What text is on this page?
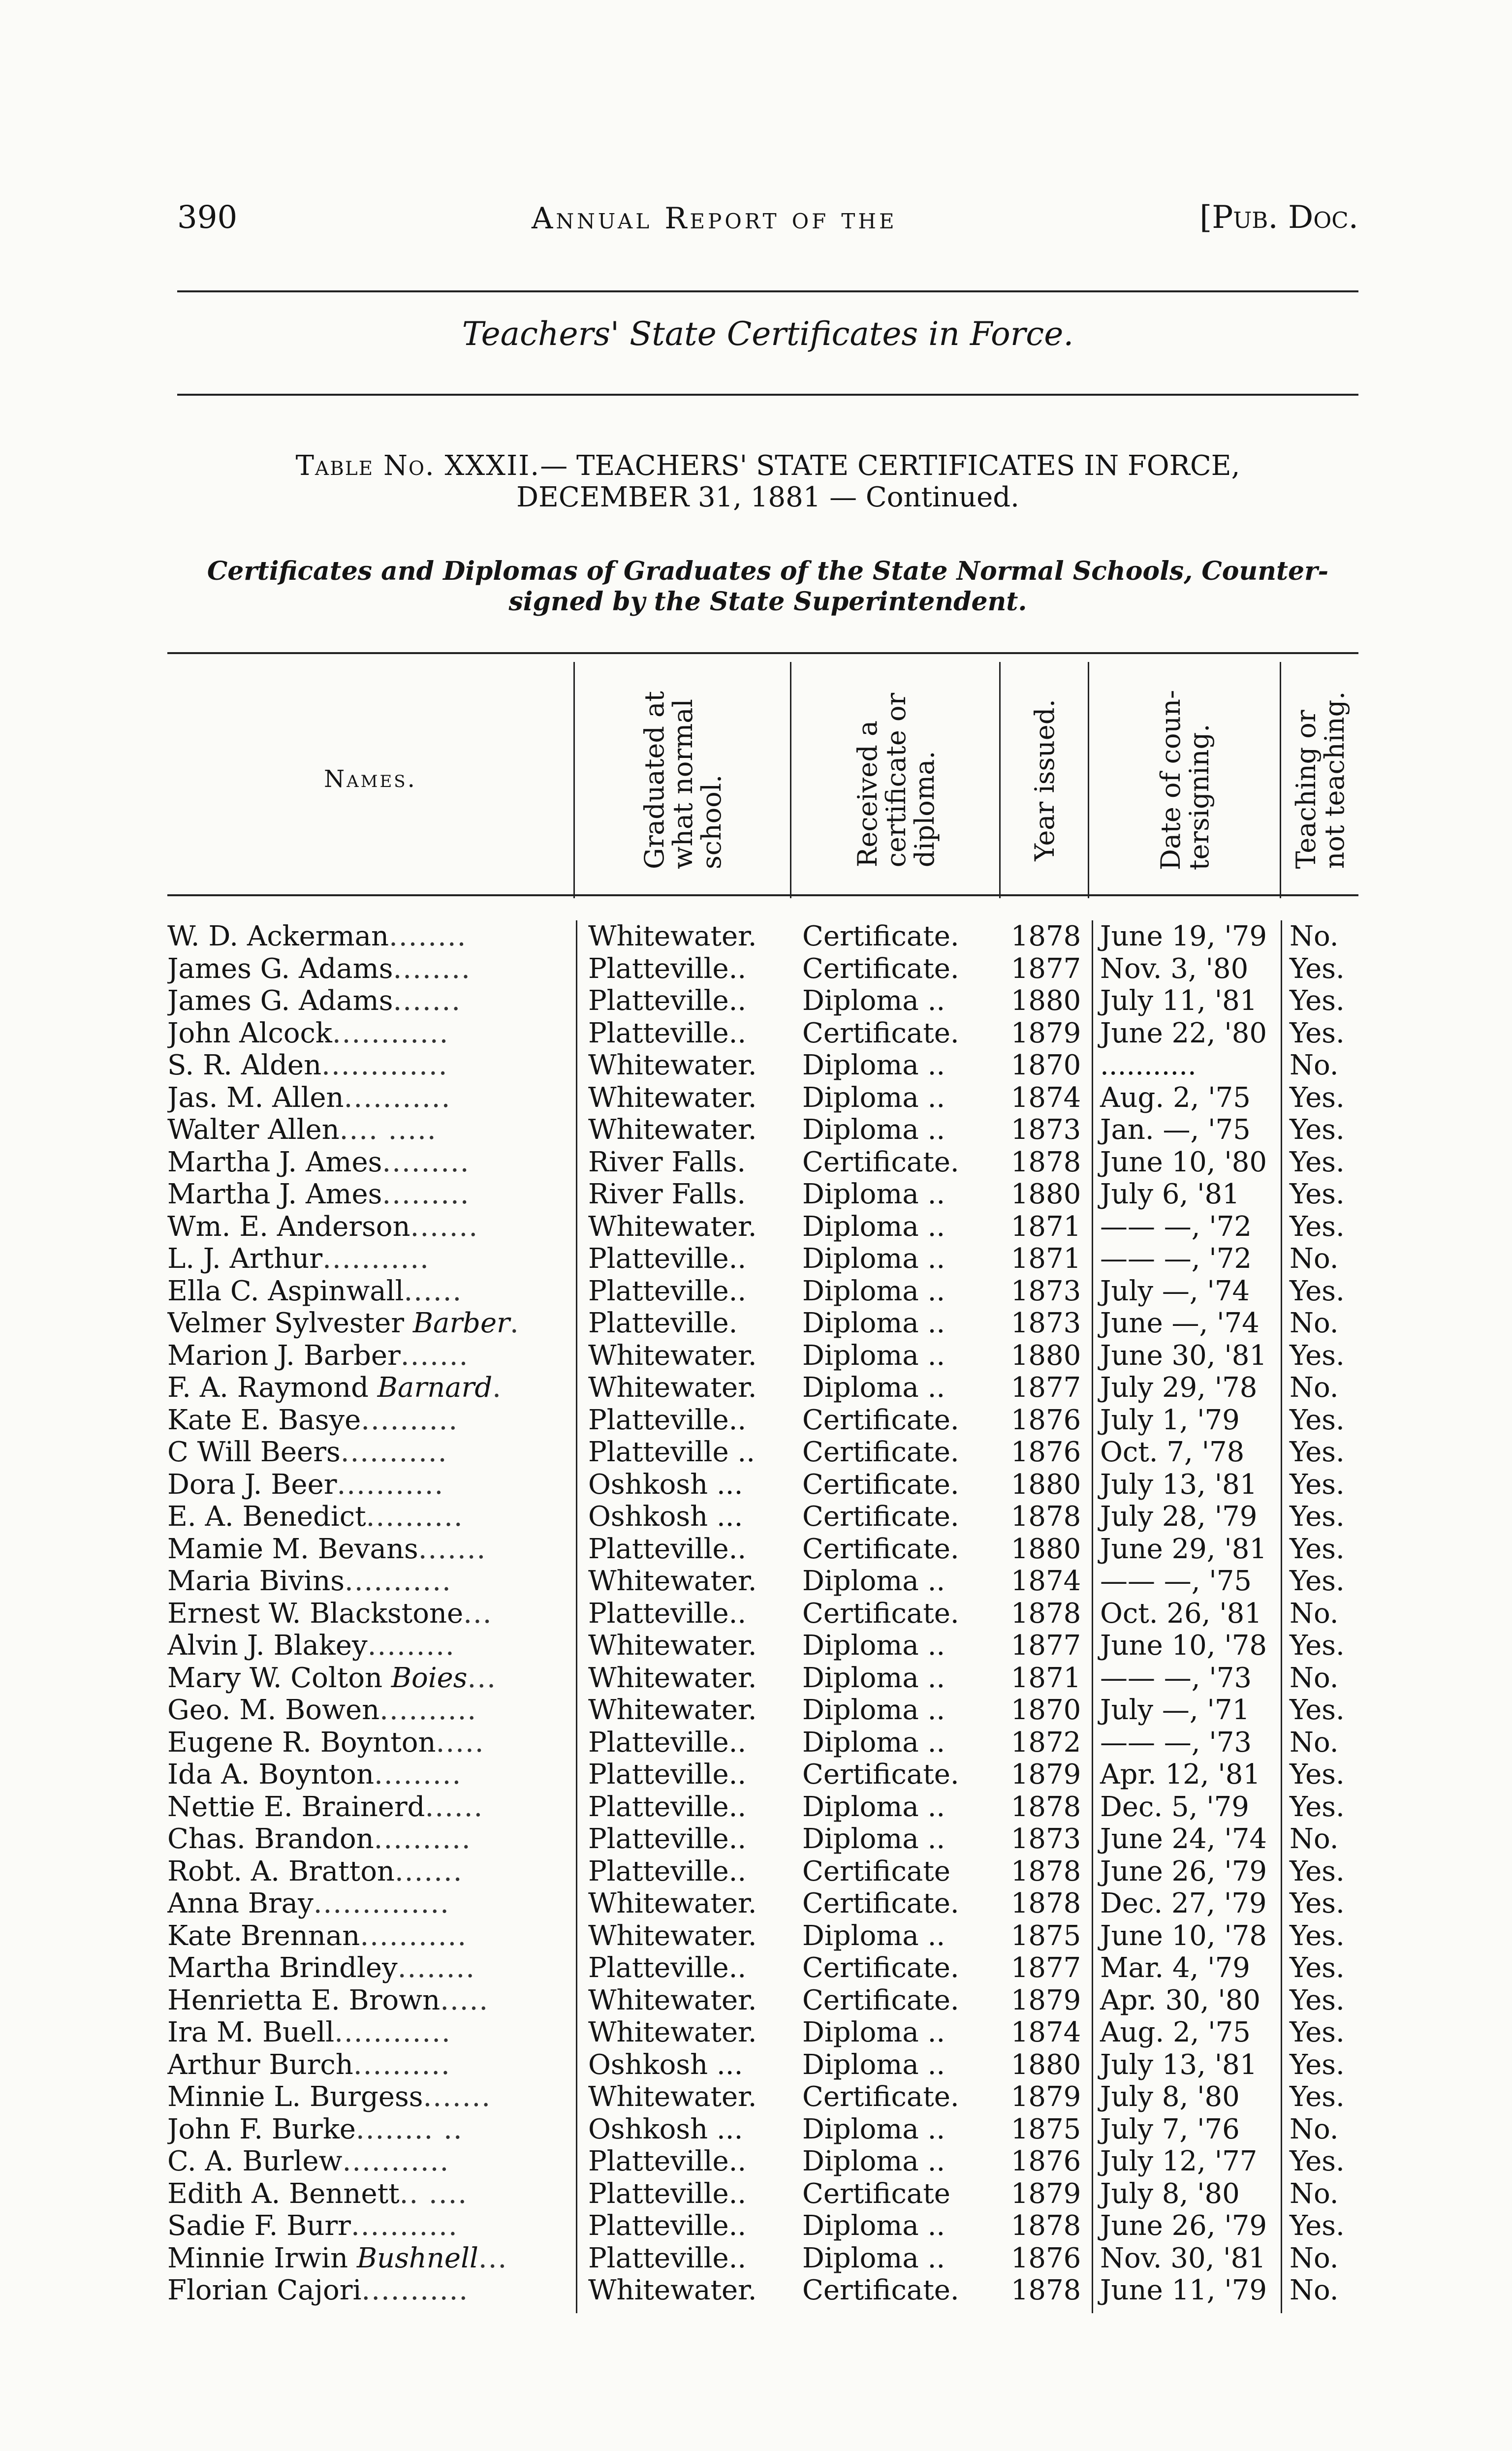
390	Annual Report of the	[Pub. Doc.
Teachers' State Certificates in Force.
Table No. XXXII.— TEACHERS' STATE CERTIFICATES IN FORCE,
DECEMBER 31, 1881 — Continued.
Certificates and Diplomas of Graduates of the State Normal Schools, Counter-
signed by the State Superintendent.
Names.	Graduated at
what normal
school.	Received a
certificate or
diploma.	Year issued.	Date of coun-
tersigning.	Teaching or
not teaching.
W. D. Ackerman........	Whitewater.	Certificate.	1878 June 19, '79 No.
James G. Adams........	Platteville..	Certificate.	1877 Nov. 3, '80	Yes.
James G. Adams.......	Platteville..	Diploma ..	1880 July 11, '81	Yes.
John Alcock............	Platteville..	Certificate.	1879 June 22, '80 Yes.
S. R. Alden.............	Whitewater.	Diploma ..	1870 ...........	No.
Jas. M. Allen...........	Whitewater.	Diploma ..	1874 Aug. 2, '75	Yes.
Walter Allen.... .....	Whitewater.	Diploma ..	1873 Jan. —, '75	Yes.
Martha J. Ames.........	River Falls.	Certificate.	1878 June 10, '80 Yes.
Martha J. Ames.........	River Falls.	Diploma ..	1880 July 6, '81	Yes.
Wm. E. Anderson.......	Whitewater.	Diploma ..	1871 —— —, '72	Yes.
L. J. Arthur...........	Platteville..	Diploma ..	1871 —— —, '72	No.
Ella C. Aspinwall......	Platteville..	Diploma ..	1873 July —, '74	Yes.
Velmer Sylvester Barber.	Platteville.	Diploma ..	1873 June —, '74 No.
Marion J. Barber.......	Whitewater.	Diploma ..	1880 June 30, '81 Yes.
F. A. Raymond Barnard.	Whitewater.	Diploma ..	1877 July 29, '78	No.
Kate E. Basye..........	Platteville..	Certificate.	1876 July 1, '79	Yes.
C Will Beers...........	Platteville ..	Certificate.	1876 Oct. 7, '78	Yes.
Dora J. Beer...........	Oshkosh ...	Certificate.	1880 July 13, '81	Yes.
E. A. Benedict..........	Oshkosh ...	Certificate.	1878 July 28, '79	Yes.
Mamie M. Bevans.......	Platteville..	Certificate.	1880 June 29, '81 Yes.
Maria Bivins...........	Whitewater.	Diploma ..	1874 —— —, '75	Yes.
Ernest W. Blackstone...	Platteville..	Certificate.	1878 Oct. 26, '81 No.
Alvin J. Blakey.........	Whitewater.	Diploma ..	1877 June 10, '78 Yes.
Mary W. Colton Boies...	Whitewater.	Diploma ..	1871 —— —, '73	No.
Geo. M. Bowen..........	Whitewater.	Diploma ..	1870 July —, '71	Yes.
Eugene R. Boynton.....	Platteville..	Diploma ..	1872 —— —, '73	No.
Ida A. Boynton.........	Platteville..	Certificate.	1879 Apr. 12, '81 Yes.
Nettie E. Brainerd......	Platteville..	Diploma ..	1878 Dec. 5, '79	Yes.
Chas. Brandon..........	Platteville..	Diploma ..	1873 June 24, '74 No.
Robt. A. Bratton.......	Platteville..	Certificate	1878 June 26, '79 Yes.
Anna Bray..............	Whitewater.	Certificate.	1878 Dec. 27, '79 Yes.
Kate Brennan...........	Whitewater.	Diploma ..	1875 June 10, '78 Yes.
Martha Brindley........	Platteville..	Certificate.	1877 Mar. 4, '79	Yes.
Henrietta E. Brown.....	Whitewater.	Certificate.	1879 Apr. 30, '80 Yes.
Ira M. Buell............	Whitewater.	Diploma ..	1874 Aug. 2, '75	Yes.
Arthur Burch..........	Oshkosh ...	Diploma ..	1880 July 13, '81	Yes.
Minnie L. Burgess.......	Whitewater.	Certificate.	1879 July 8, '80	Yes.
John F. Burke........ ..	Oshkosh ...	Diploma ..	1875 July 7, '76	No.
C. A. Burlew...........	Platteville..	Diploma ..	1876 July 12, '77	Yes.
Edith A. Bennett.. ....	Platteville..	Certificate	1879 July 8, '80	No.
Sadie F. Burr...........	Platteville..	Diploma ..	1878 June 26, '79 Yes.
Minnie Irwin Bushnell...	Platteville..	Diploma ..	1876 Nov. 30, '81 No.
Florian Cajori...........	Whitewater.	Certificate.	1878 June 11, '79 No.
